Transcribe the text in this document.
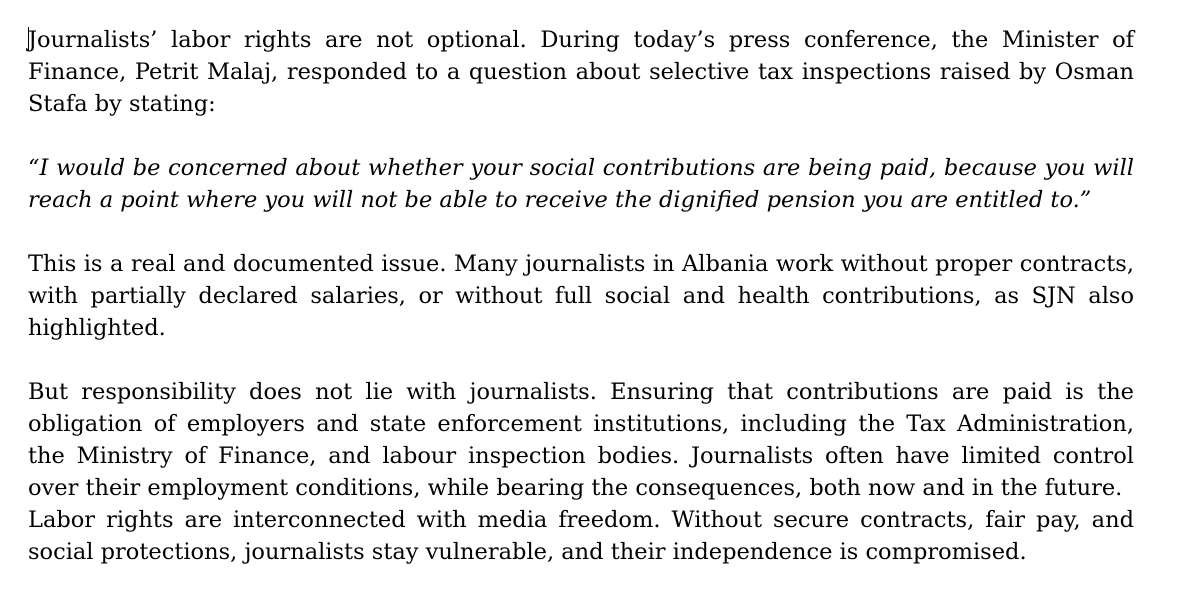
Journalists’ labor rights are not optional. During today’s press conference, the Minister of Finance, Petrit Malaj, responded to a question about selective tax inspections raised by Osman Stafa by stating:

“I would be concerned about whether your social contributions are being paid, because you will reach a point where you will not be able to receive the dignified pension you are entitled to.”

This is a real and documented issue. Many journalists in Albania work without proper contracts, with partially declared salaries, or without full social and health contributions, as SJN also highlighted.

But responsibility does not lie with journalists. Ensuring that contributions are paid is the obligation of employers and state enforcement institutions, including the Tax Administration, the Ministry of Finance, and labour inspection bodies. Journalists often have limited control over their employment conditions, while bearing the consequences, both now and in the future.

Labor rights are interconnected with media freedom. Without secure contracts, fair pay, and social protections, journalists stay vulnerable, and their independence is compromised.
